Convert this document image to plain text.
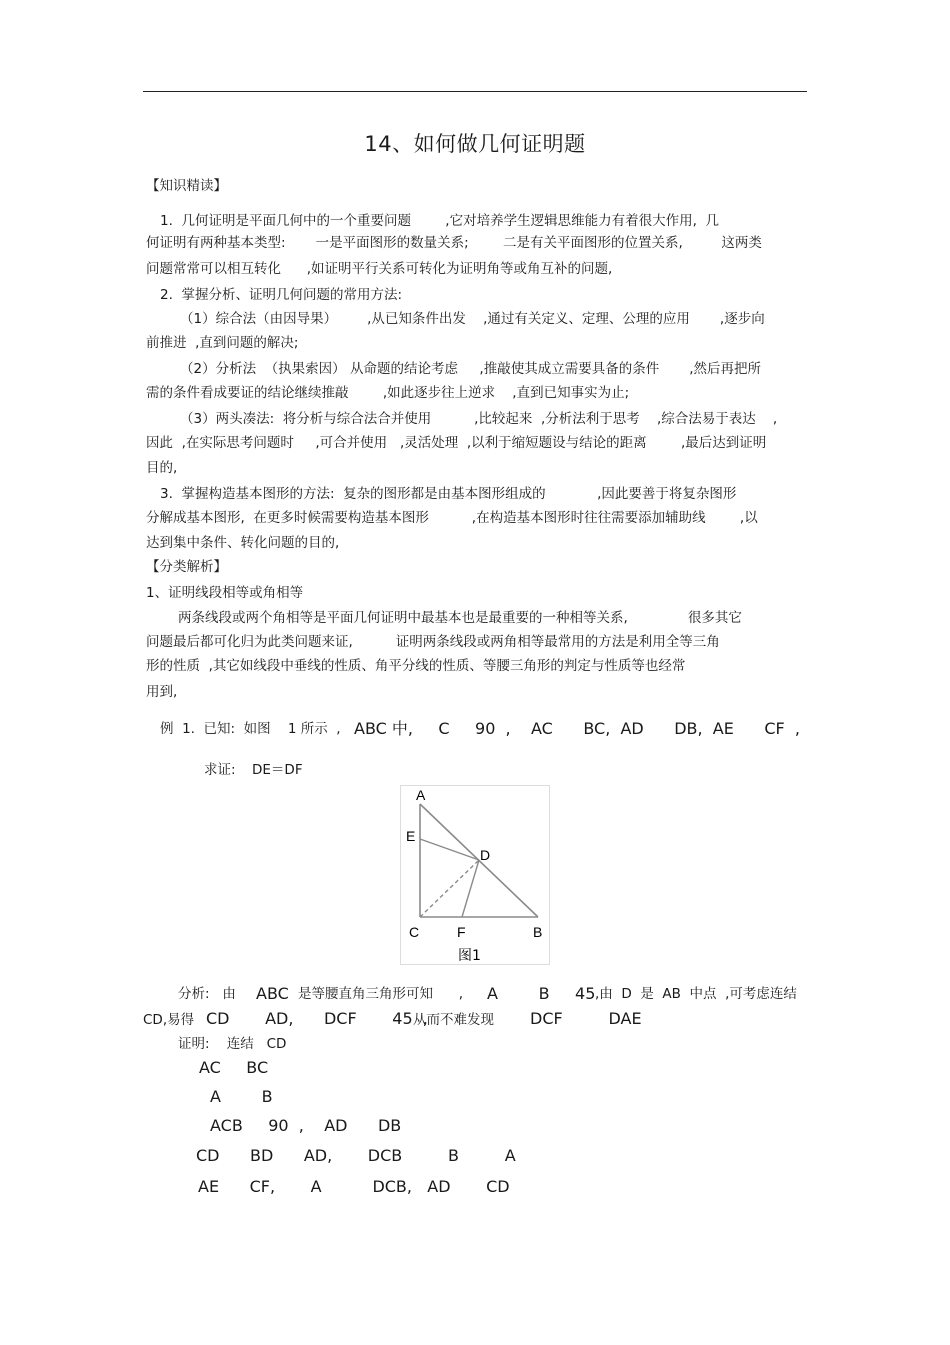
14、如何做几何证明题
【知识精读】
1.  几何证明是平面几何中的一个重要问题        ,它对培养学生逻辑思维能力有着很大作用,  几
何证明有两种基本类型:       一是平面图形的数量关系;        二是有关平面图形的位置关系,         这两类
问题常常可以相互转化      ,如证明平行关系可转化为证明角等或角互补的问题,
2.  掌握分析、证明几何问题的常用方法:
（1）综合法（由因导果）       ,从已知条件出发    ,通过有关定义、定理、公理的应用       ,逐步向
前推进  ,直到问题的解决;
（2）分析法  （执果索因） 从命题的结论考虑     ,推敲使其成立需要具备的条件       ,然后再把所
需的条件看成要证的结论继续推敲        ,如此逐步往上逆求    ,直到已知事实为止;
（3）两头凑法:  将分析与综合法合并使用          ,比较起来  ,分析法利于思考    ,综合法易于表达    ,
因此  ,在实际思考问题时     ,可合并使用   ,灵活处理  ,以利于缩短题设与结论的距离        ,最后达到证明
目的,
3.  掌握构造基本图形的方法:  复杂的图形都是由基本图形组成的            ,因此要善于将复杂图形
分解成基本图形,  在更多时候需要构造基本图形          ,在构造基本图形时往往需要添加辅助线        ,以
达到集中条件、转化问题的目的,
【分类解析】
1、证明线段相等或角相等
两条线段或两个角相等是平面几何证明中最基本也是最重要的一种相等关系,              很多其它
问题最后都可化归为此类问题来证,          证明两条线段或两角相等最常用的方法是利用全等三角
形的性质  ,其它如线段中垂线的性质、角平分线的性质、等腰三角形的判定与性质等也经常
用到,
例  1.  已知:  如图    1 所示  , ABC 中,     C     90  ,    AC      BC,  AD      DB,  AE      CF  ,
求证: DE＝DF
A
B
C
D
E
F
图1
分析:   由 ABC 是等腰直角三角形可知      , A        B     45 ,由  D  是  AB  中点  ,可考虑连结
CD,易得 CD       AD,      DCF       45  ,
从而不难发现 DCF         DAE
证明:    连结   CD
AC     BC
A        B
ACB     90  ,    AD      DB
CD      BD      AD,       DCB         B         A
AE      CF,       A          DCB,   AD       CD
